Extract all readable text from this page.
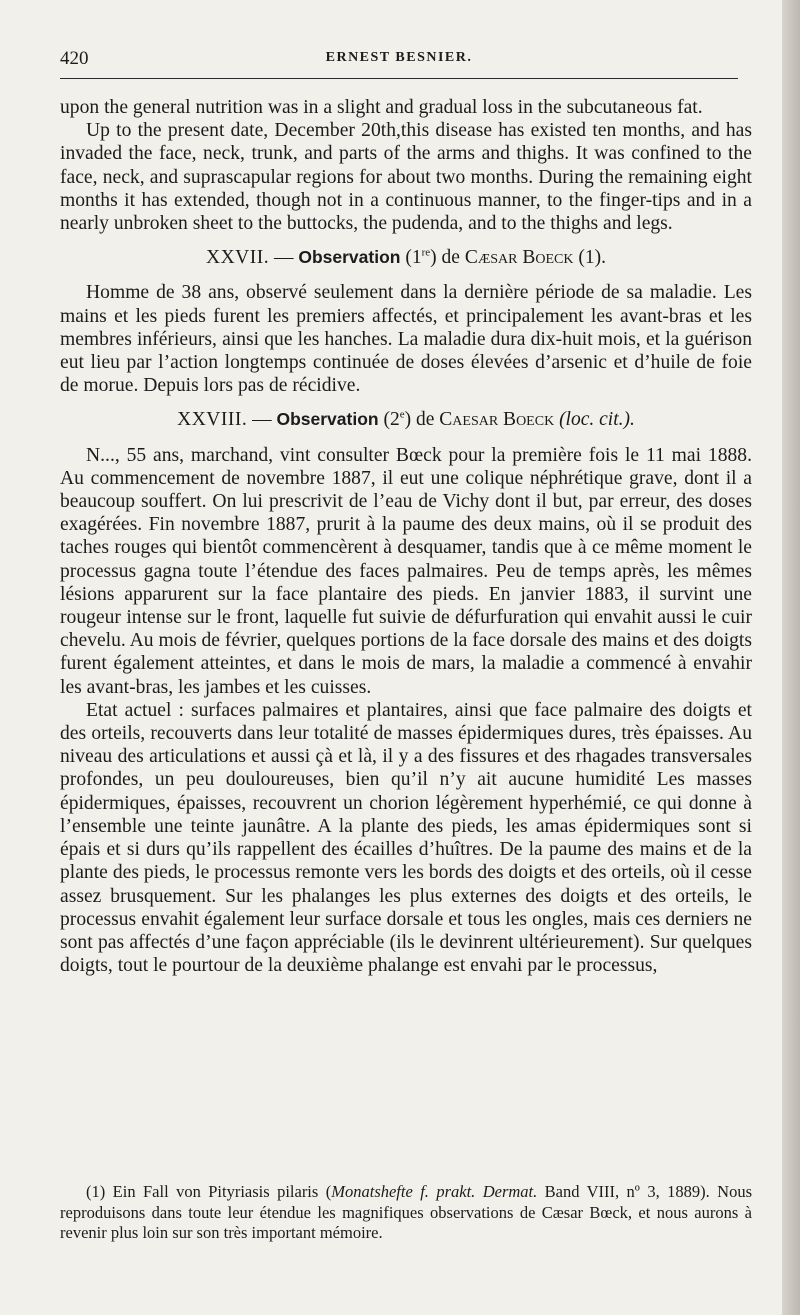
420	ERNEST BESNIER.

upon the general nutrition was in a slight and gradual loss in the subcutaneous fat.

Up to the present date, December 20th,this disease has existed ten months, and has invaded the face, neck, trunk, and parts of the arms and thighs. It was confined to the face, neck, and suprascapular regions for about two months. During the remaining eight months it has extended, though not in a continuous manner, to the finger-tips and in a nearly unbroken sheet to the buttocks, the pudenda, and to the thighs and legs.

XXVII. — Observation (1re) de Cæsar Boeck (1).

Homme de 38 ans, observé seulement dans la dernière période de sa maladie. Les mains et les pieds furent les premiers affectés, et principalement les avant-bras et les membres inférieurs, ainsi que les hanches. La maladie dura dix-huit mois, et la guérison eut lieu par l’action longtemps continuée de doses élevées d’arsenic et d’huile de foie de morue. Depuis lors pas de récidive.

XXVIII. — Observation (2e) de Caesar Boeck (loc. cit.).

N..., 55 ans, marchand, vint consulter Bœck pour la première fois le 11 mai 1888. Au commencement de novembre 1887, il eut une colique néphrétique grave, dont il a beaucoup souffert. On lui prescrivit de l’eau de Vichy dont il but, par erreur, des doses exagérées. Fin novembre 1887, prurit à la paume des deux mains, où il se produit des taches rouges qui bientôt commencèrent à desquamer, tandis que à ce même moment le processus gagna toute l’étendue des faces palmaires. Peu de temps après, les mêmes lésions apparurent sur la face plantaire des pieds. En janvier 1883, il survint une rougeur intense sur le front, laquelle fut suivie de défurfuration qui envahit aussi le cuir chevelu. Au mois de février, quelques portions de la face dorsale des mains et des doigts furent également atteintes, et dans le mois de mars, la maladie a commencé à envahir les avant-bras, les jambes et les cuisses.

Etat actuel : surfaces palmaires et plantaires, ainsi que face palmaire des doigts et des orteils, recouverts dans leur totalité de masses épidermiques dures, très épaisses. Au niveau des articulations et aussi çà et là, il y a des fissures et des rhagades transversales profondes, un peu douloureuses, bien qu’il n’y ait aucune humidité Les masses épidermiques, épaisses, recouvrent un chorion légèrement hyperhémié, ce qui donne à l’ensemble une teinte jaunâtre. A la plante des pieds, les amas épidermiques sont si épais et si durs qu’ils rappellent des écailles d’huîtres. De la paume des mains et de la plante des pieds, le processus remonte vers les bords des doigts et des orteils, où il cesse assez brusquement. Sur les phalanges les plus externes des doigts et des orteils, le processus envahit également leur surface dorsale et tous les ongles, mais ces derniers ne sont pas affectés d’une façon appréciable (ils le devinrent ultérieurement). Sur quelques doigts, tout le pourtour de la deuxième phalange est envahi par le processus,

(1) Ein Fall von Pityriasis pilaris (Monatshefte f. prakt. Dermat. Band VIII, nº 3, 1889). Nous reproduisons dans toute leur étendue les magnifiques observations de Cæsar Bœck, et nous aurons à revenir plus loin sur son très important mémoire.
